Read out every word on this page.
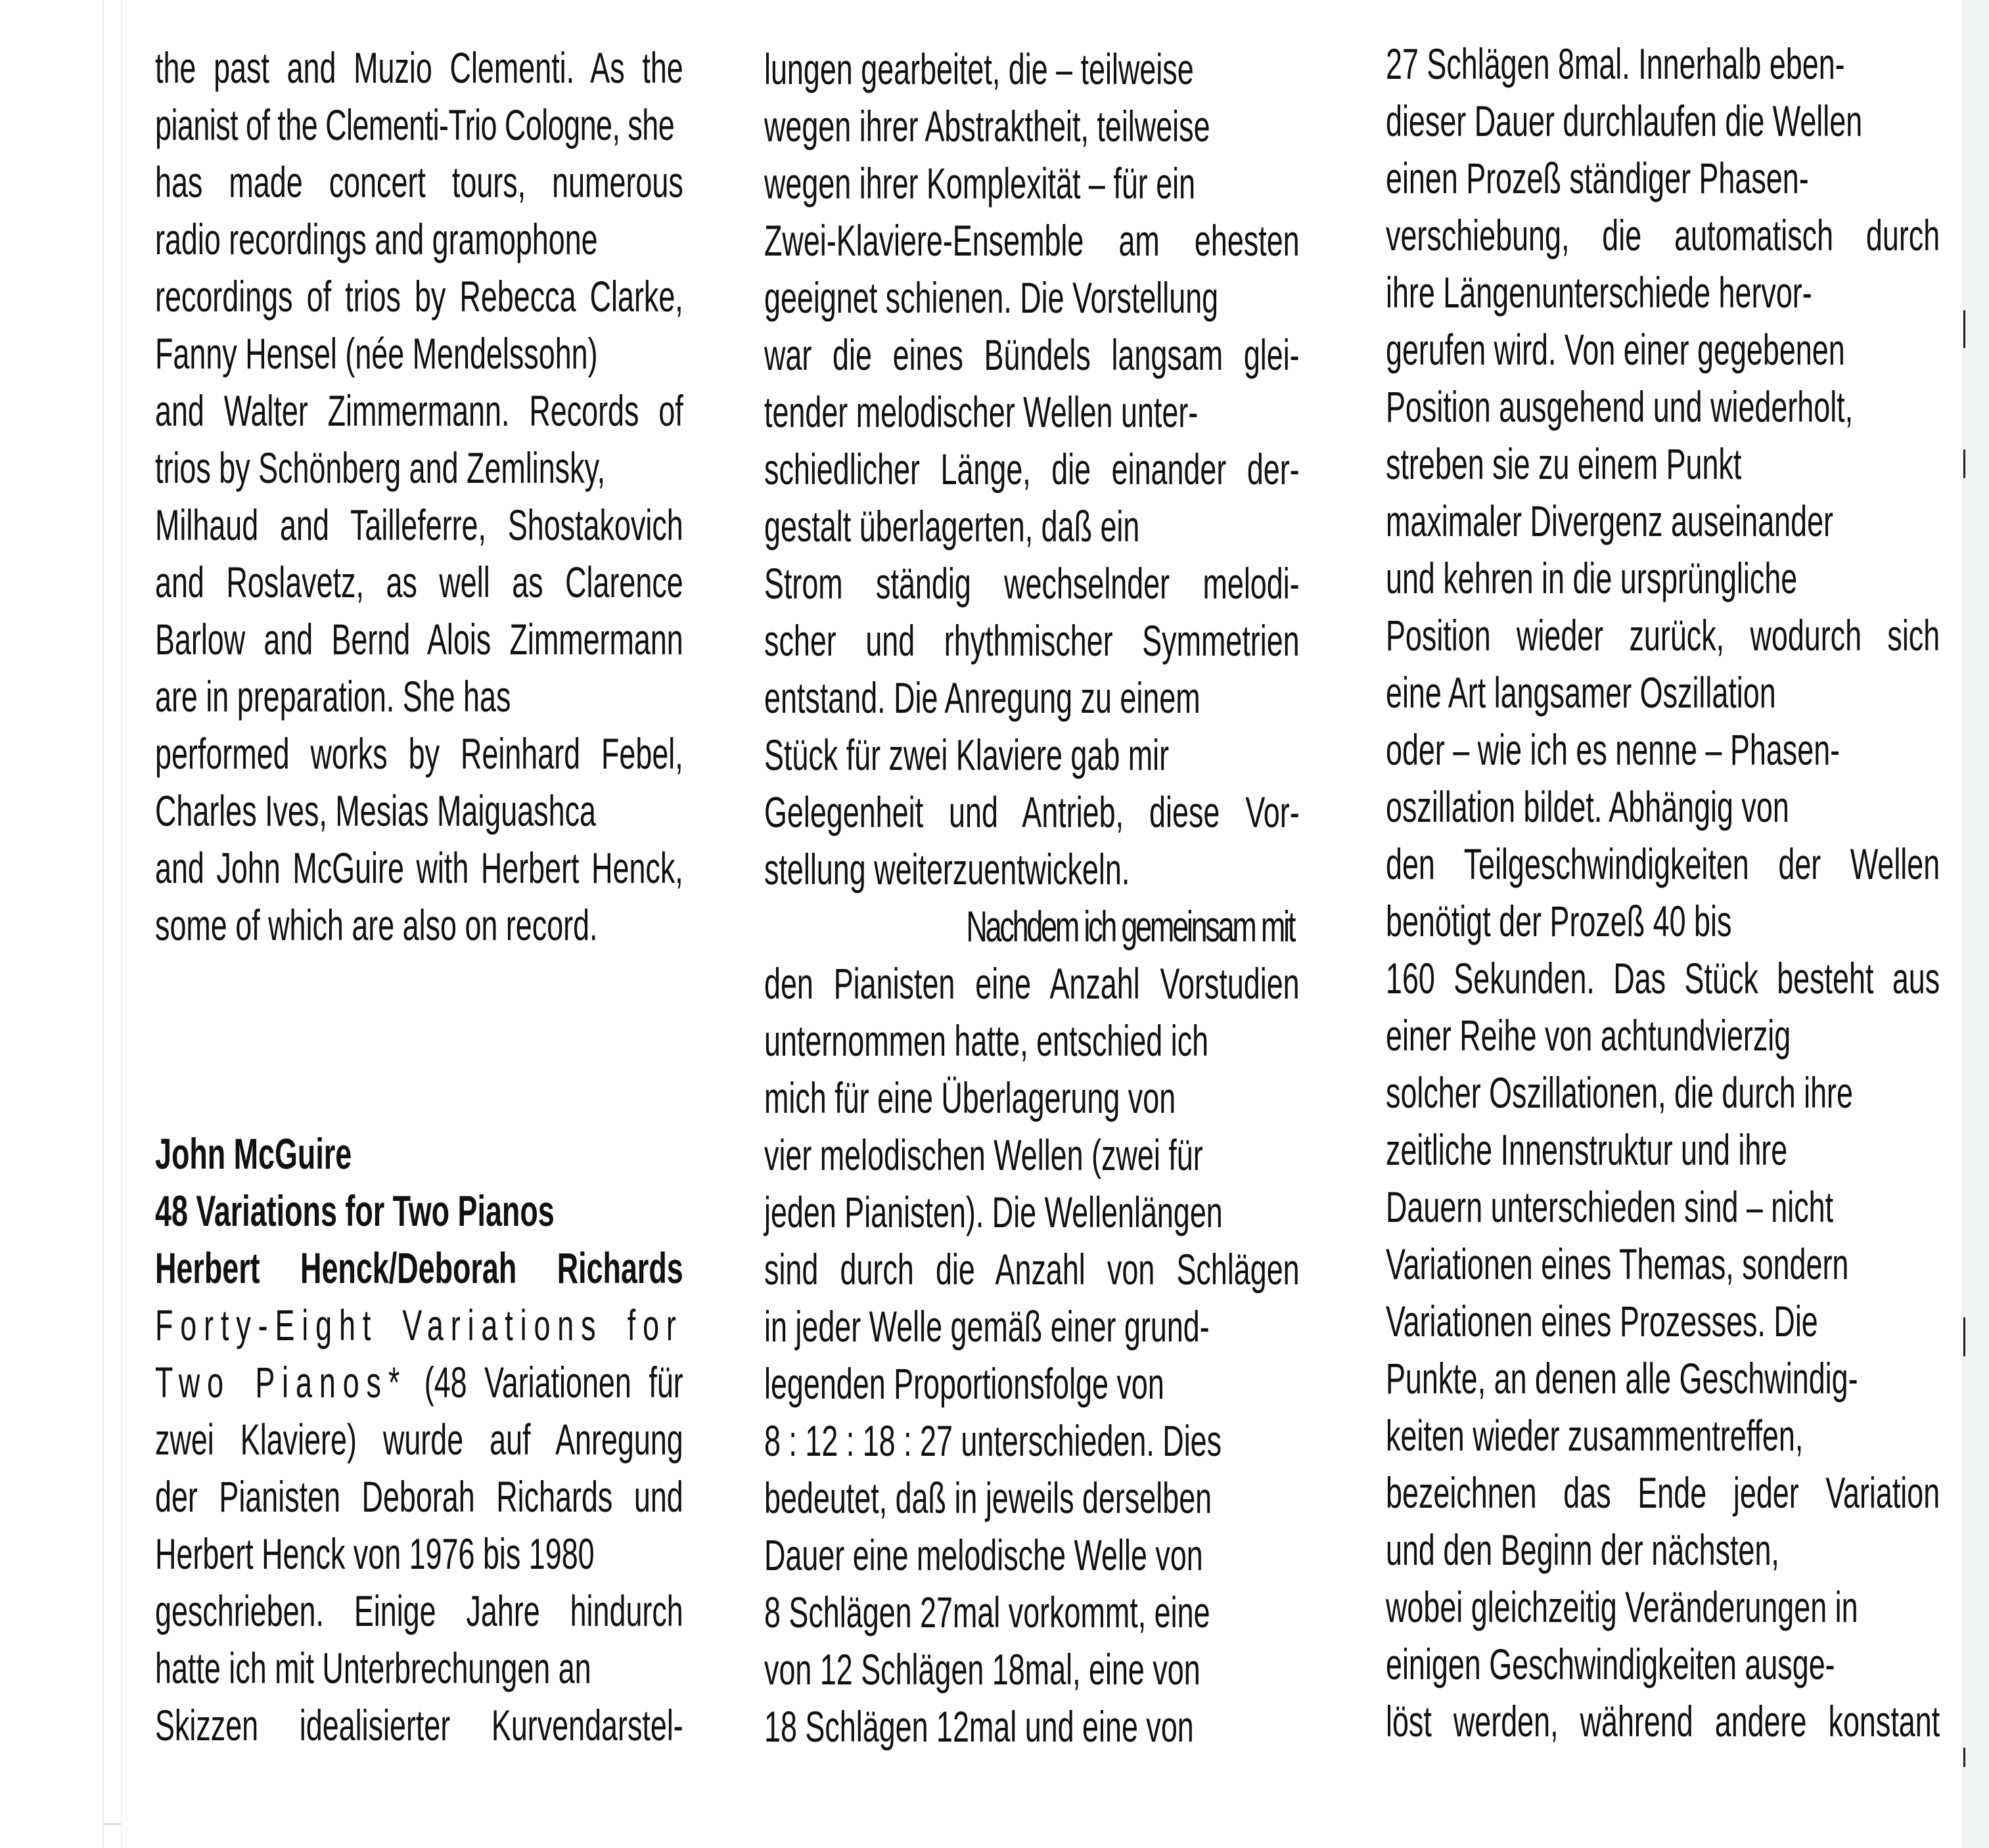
the past and Muzio Clementi. As the
pianist of the Clementi-Trio Cologne, she
has made concert tours, numerous
radio recordings and gramophone
recordings of trios by Rebecca Clarke,
Fanny Hensel (née Mendelssohn)
and Walter Zimmermann. Records of
trios by Schönberg and Zemlinsky,
Milhaud and Tailleferre, Shostakovich
and Roslavetz, as well as Clarence
Barlow and Bernd Alois Zimmermann
are in preparation. She has
performed works by Reinhard Febel,
Charles Ives, Mesias Maiguashca
and John McGuire with Herbert Henck,
some of which are also on record.
John McGuire
48 Variations for Two Pianos
Herbert Henck/Deborah Richards
Forty-Eight Variations for
Two Pianos* (48 Variationen für
zwei Klaviere) wurde auf Anregung
der Pianisten Deborah Richards und
Herbert Henck von 1976 bis 1980
geschrieben. Einige Jahre hindurch
hatte ich mit Unterbrechungen an
Skizzen idealisierter Kurvendarstel-
lungen gearbeitet, die – teilweise
wegen ihrer Abstraktheit, teilweise
wegen ihrer Komplexität – für ein
Zwei-Klaviere-Ensemble am ehesten
geeignet schienen. Die Vorstellung
war die eines Bündels langsam glei-
tender melodischer Wellen unter-
schiedlicher Länge, die einander der-
gestalt überlagerten, daß ein
Strom ständig wechselnder melodi-
scher und rhythmischer Symmetrien
entstand. Die Anregung zu einem
Stück für zwei Klaviere gab mir
Gelegenheit und Antrieb, diese Vor-
stellung weiterzuentwickeln.
Nachdem ich gemeinsam mit
den Pianisten eine Anzahl Vorstudien
unternommen hatte, entschied ich
mich für eine Überlagerung von
vier melodischen Wellen (zwei für
jeden Pianisten). Die Wellenlängen
sind durch die Anzahl von Schlägen
in jeder Welle gemäß einer grund-
legenden Proportionsfolge von
8 : 12 : 18 : 27 unterschieden. Dies
bedeutet, daß in jeweils derselben
Dauer eine melodische Welle von
8 Schlägen 27mal vorkommt, eine
von 12 Schlägen 18mal, eine von
18 Schlägen 12mal und eine von
27 Schlägen 8mal. Innerhalb eben-
dieser Dauer durchlaufen die Wellen
einen Prozeß ständiger Phasen-
verschiebung, die automatisch durch
ihre Längenunterschiede hervor-
gerufen wird. Von einer gegebenen
Position ausgehend und wiederholt,
streben sie zu einem Punkt
maximaler Divergenz auseinander
und kehren in die ursprüngliche
Position wieder zurück, wodurch sich
eine Art langsamer Oszillation
oder – wie ich es nenne – Phasen-
oszillation bildet. Abhängig von
den Teilgeschwindigkeiten der Wellen
benötigt der Prozeß 40 bis
160 Sekunden. Das Stück besteht aus
einer Reihe von achtundvierzig
solcher Oszillationen, die durch ihre
zeitliche Innenstruktur und ihre
Dauern unterschieden sind – nicht
Variationen eines Themas, sondern
Variationen eines Prozesses. Die
Punkte, an denen alle Geschwindig-
keiten wieder zusammentreffen,
bezeichnen das Ende jeder Variation
und den Beginn der nächsten,
wobei gleichzeitig Veränderungen in
einigen Geschwindigkeiten ausge-
löst werden, während andere konstant
